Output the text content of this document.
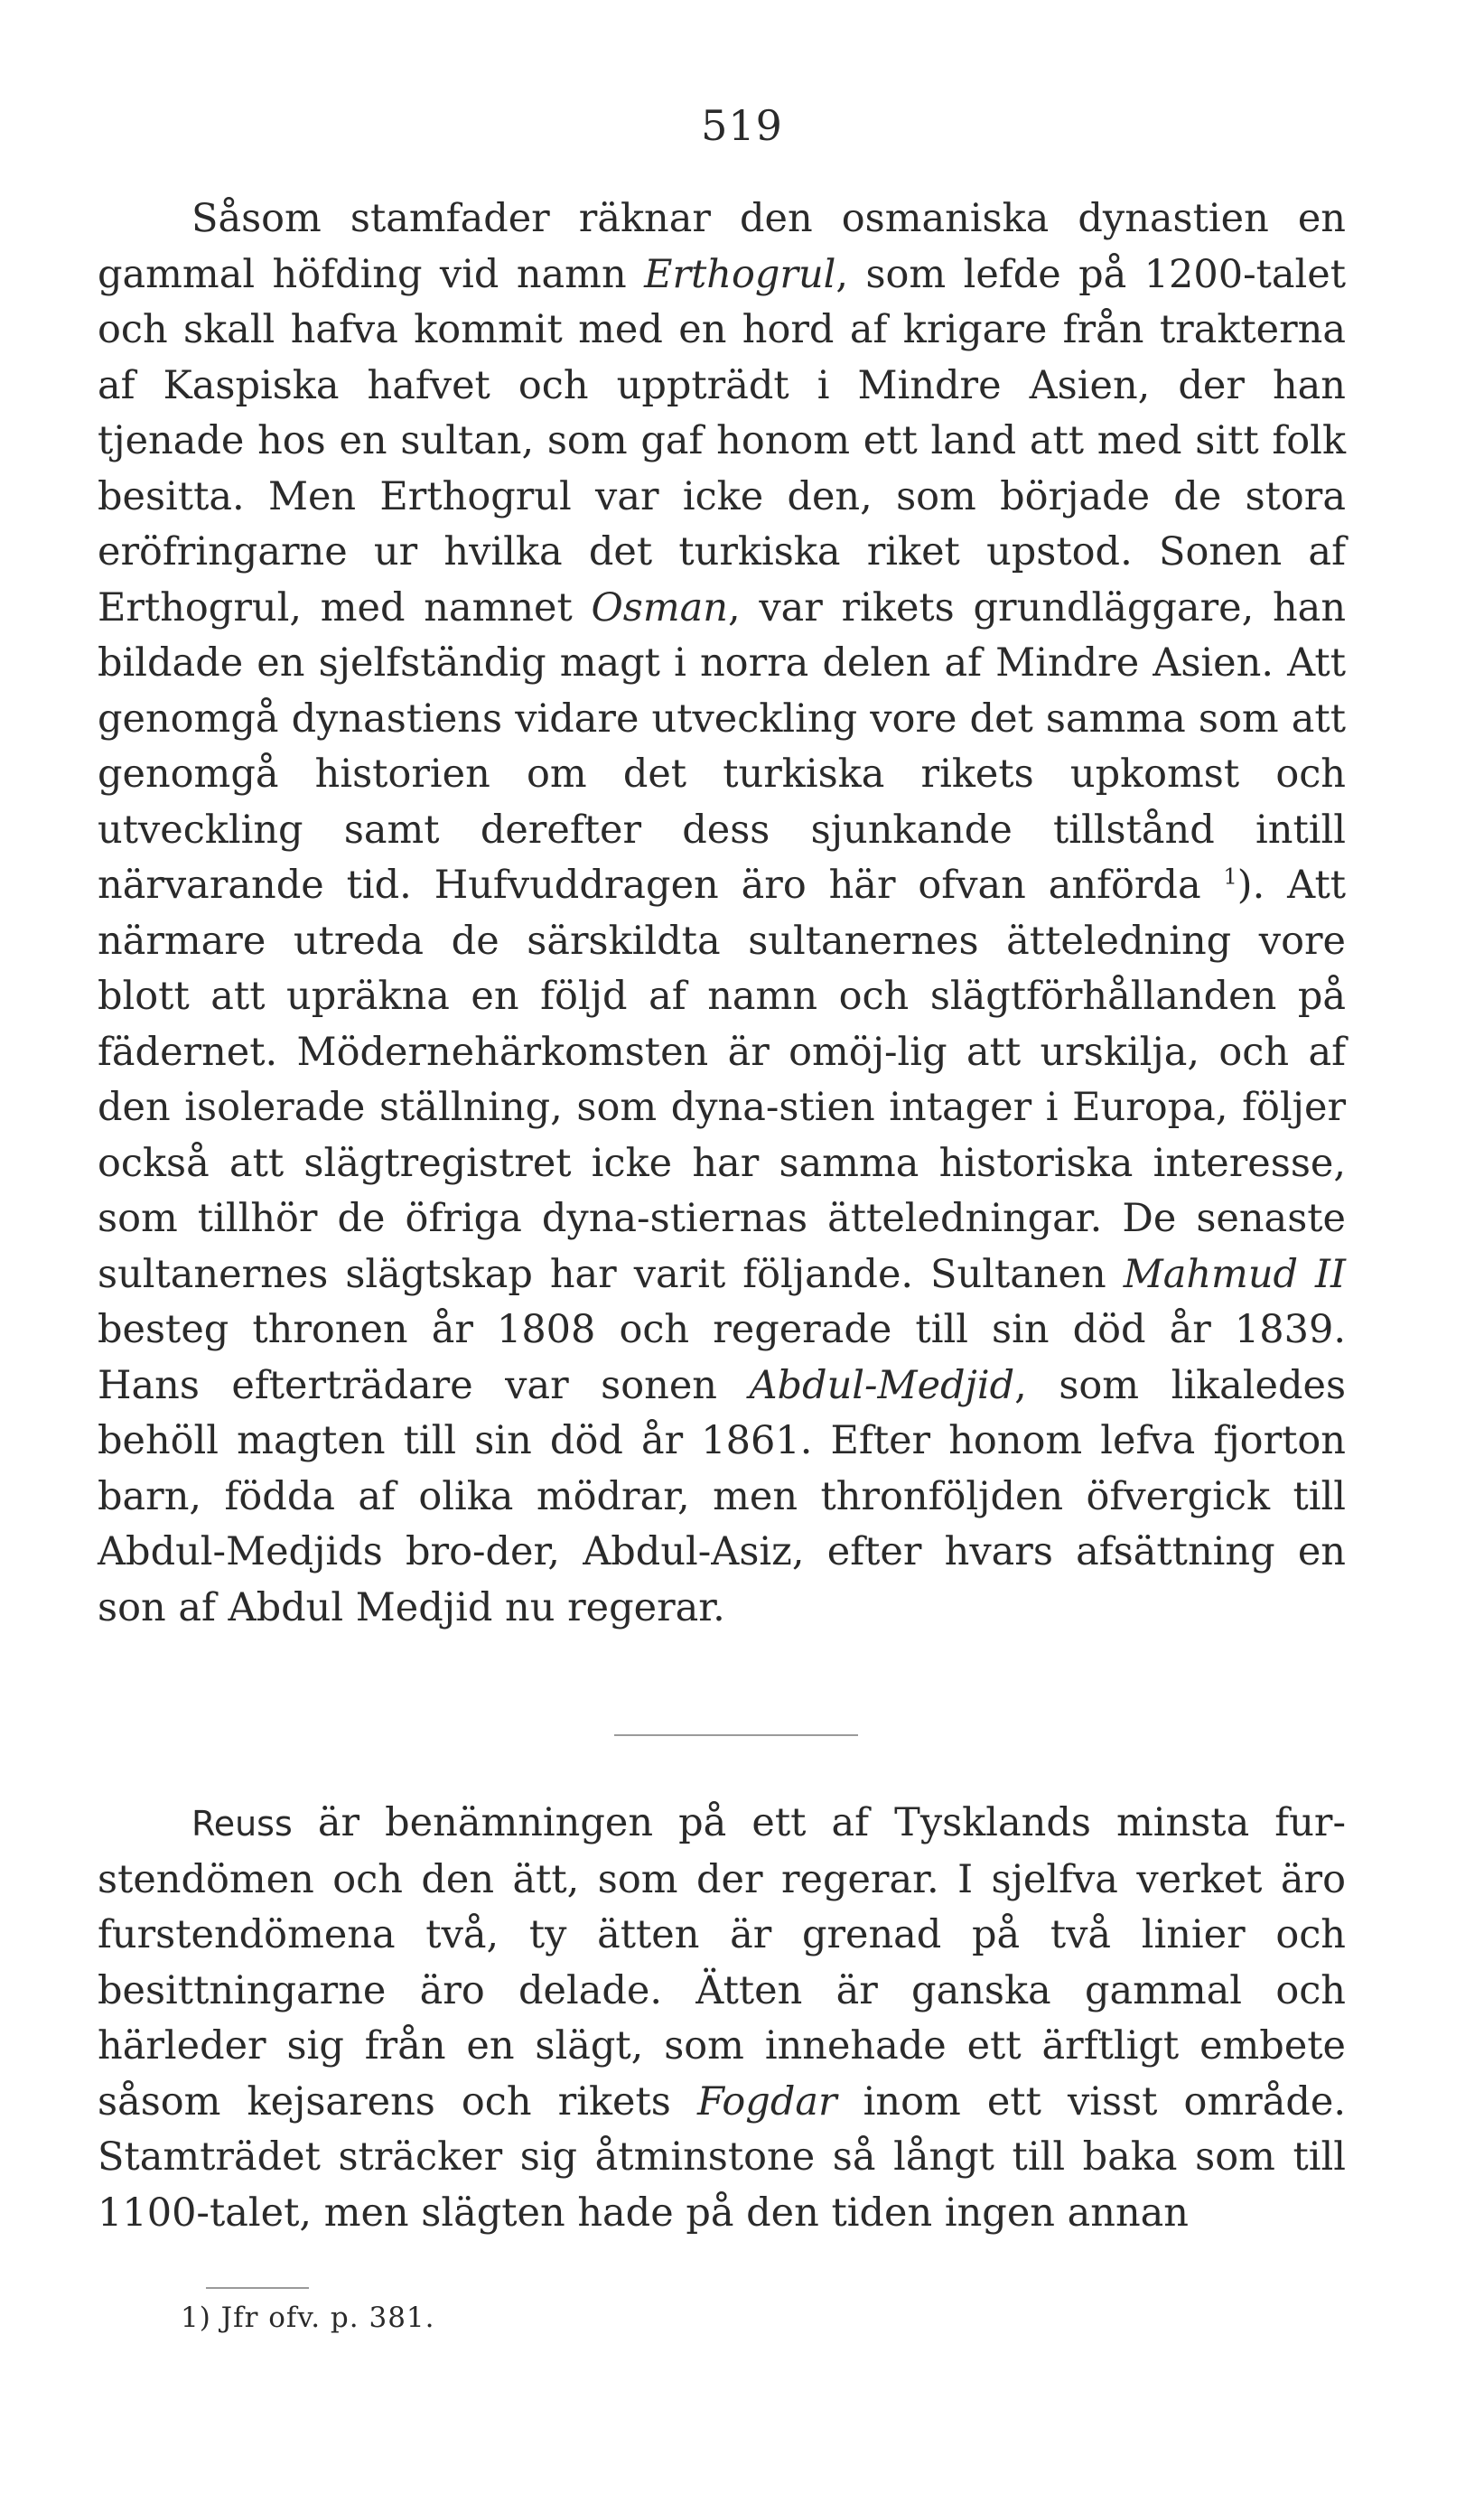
519
Såsom stamfader räknar den osmaniska dynastien en gammal höfding vid namn Erthogrul, som lefde på 1200-talet och skall hafva kommit med en hord af krigare från trakterna af Kaspiska hafvet och uppträdt i Mindre Asien, der han tjenade hos en sultan, som gaf honom ett land att med sitt folk besitta. Men Erthogrul var icke den, som började de stora eröfringarne ur hvilka det turkiska riket upstod. Sonen af Erthogrul, med namnet Osman, var rikets grundläggare, han bildade en sjelfständig magt i norra delen af Mindre Asien. Att genomgå dynastiens vidare utveckling vore det samma som att genomgå historien om det turkiska rikets upkomst och utveckling samt derefter dess sjunkande tillstånd intill närvarande tid. Hufvuddragen äro här ofvan anförda $^1$). Att närmare utreda de särskildta sultanernes ätteledning vore blott att upräkna en följd af namn och slägtförhållanden på fädernet. Mödernehärkomsten är omöj-lig att urskilja, och af den isolerade ställning, som dyna-stien intager i Europa, följer också att slägtregistret icke har samma historiska interesse, som tillhör de öfriga dyna-stiernas ätteledningar. De senaste sultanernes slägtskap har varit följande. Sultanen Mahmud II besteg thronen år 1808 och regerade till sin död år 1839. Hans efterträdare var sonen Abdul-Medjid, som likaledes behöll magten till sin död år 1861. Efter honom lefva fjorton barn, födda af olika mödrar, men thronföljden öfvergick till Abdul-Medjids bro-der, Abdul-Asiz, efter hvars afsättning en son af Abdul Medjid nu regerar.
Reuss är benämningen på ett af Tysklands minsta fur-stendömen och den ätt, som der regerar. I sjelfva verket äro furstendömena två, ty ätten är grenad på två linier och besittningarne äro delade. Ätten är ganska gammal och härleder sig från en slägt, som innehade ett ärftligt embete såsom kejsarens och rikets Fogdar inom ett visst område. Stamträdet sträcker sig åtminstone så långt till baka som till 1100-talet, men slägten hade på den tiden ingen annan
1) Jfr ofv. p. 381.
